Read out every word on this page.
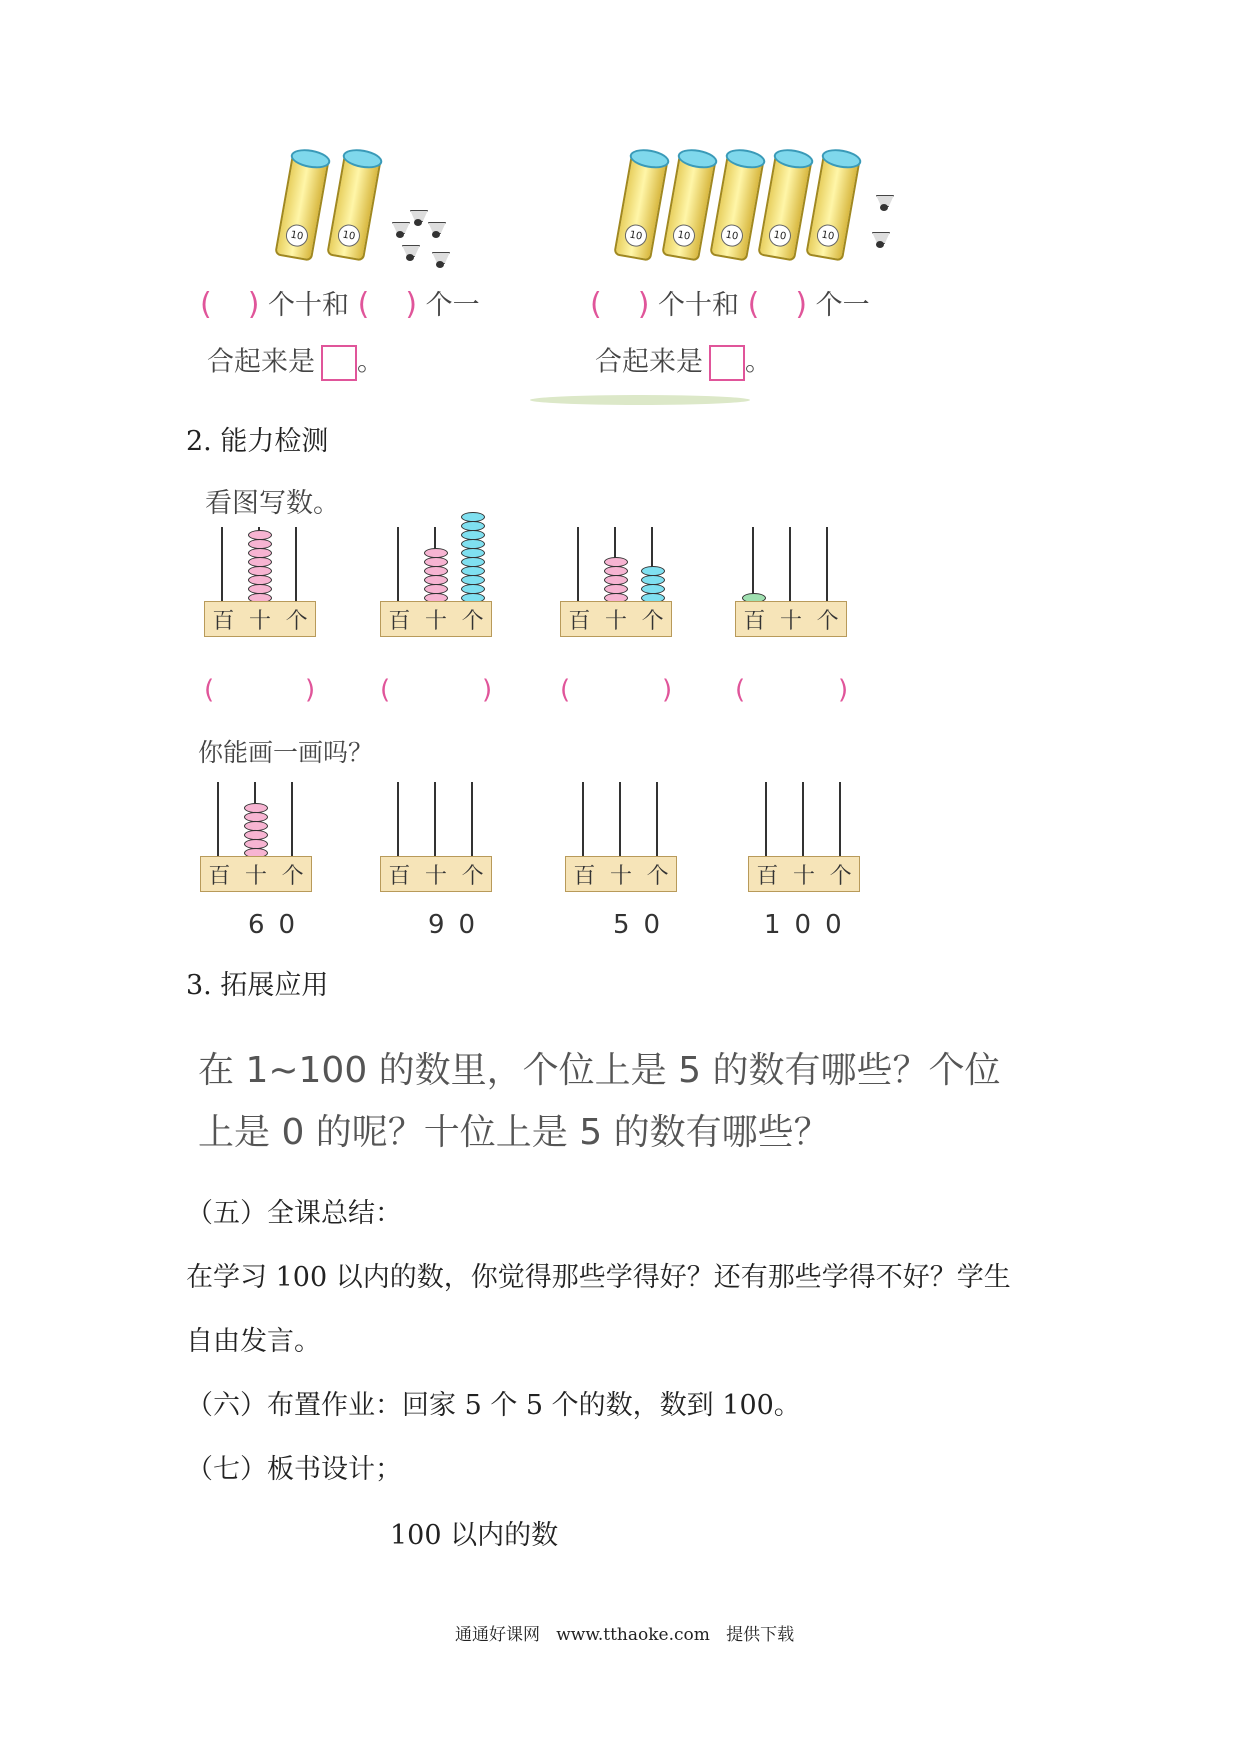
10	10	10	10	10	10	10
( ) 个十和 ( ) 个一
合起来是 。
( ) 个十和 ( ) 个一
合起来是 。
2. 能力检测
看图写数。
百 十 个	百 十 个	百 十 个	百 十 个
(	) (	)	(	) (	)
你能画一画吗？
百 十 个	百 十 个	百 十 个	百 十 个
60	90	50	100
3. 拓展应用
在 1~100 的数里，个位上是 5 的数有哪些？个位
上是 0 的呢？十位上是 5 的数有哪些？
（五）全课总结：
在学习 100 以内的数，你觉得那些学得好？还有那些学得不好？学生
自由发言。
（六）布置作业：回家 5 个 5 个的数，数到 100。
（七）板书设计；
100 以内的数
通通好课网   www.tthaoke.com   提供下载
